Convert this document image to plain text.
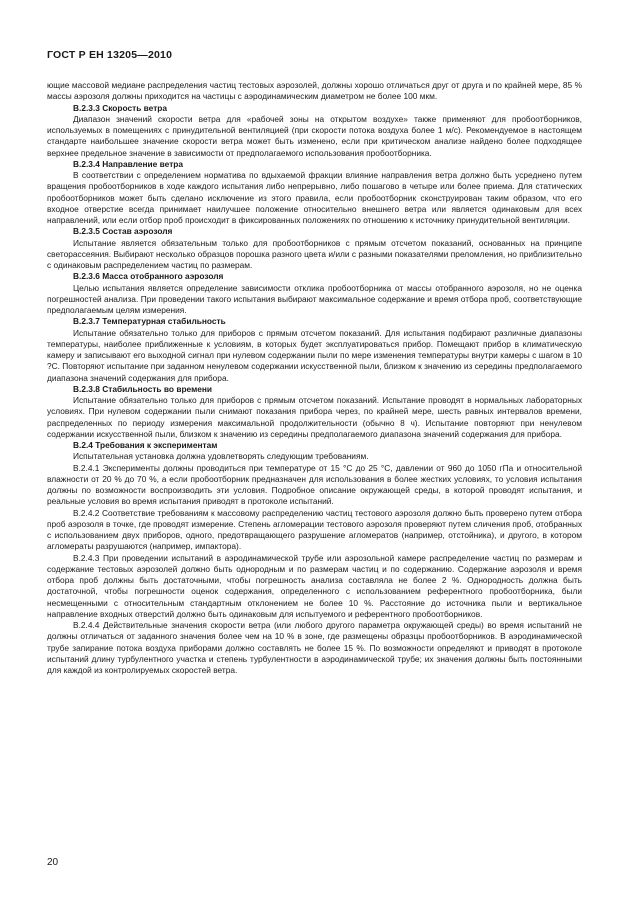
ГОСТ Р ЕН 13205—2010

ющие массовой медиане распределения частиц тестовых аэрозолей, должны хорошо отличаться друг от друга и по крайней мере, 85 % массы аэрозоля должны приходится на частицы с аэродинамическим диаметром не более 100 мкм.

B.2.3.3 Скорость ветра

Диапазон значений скорости ветра для «рабочей зоны на открытом воздухе» также применяют для пробоотборников, используемых в помещениях с принудительной вентиляцией (при скорости потока воздуха более 1 м/с). Рекомендуемое в настоящем стандарте наибольшее значение скорости ветра может быть изменено, если при критическом анализе найдено более подходящее верхнее предельное значение в зависимости от предполагаемого использования пробоотборника.

B.2.3.4 Направление ветра

В соответствии с определением норматива по вдыхаемой фракции влияние направления ветра должно быть усреднено путем вращения пробоотборников в ходе каждого испытания либо непрерывно, либо пошагово в четыре или более приема. Для статических пробоотборников может быть сделано исключение из этого правила, если пробоотборник сконструирован таким образом, что его входное отверстие всегда принимает наилучшее положение относительно внешнего ветра или является одинаковым для всех направлений, или если отбор проб происходит в фиксированных положениях по отношению к источнику принудительной вентиляции.

B.2.3.5 Состав аэрозоля

Испытание является обязательным только для пробоотборников с прямым отсчетом показаний, основанных на принципе светорассеяния. Выбирают несколько образцов порошка разного цвета и/или с разными показателями преломления, но приблизительно с одинаковым распределением частиц по размерам.

B.2.3.6 Масса отобранного аэрозоля

Целью испытания является определение зависимости отклика пробоотборника от массы отобранного аэрозоля, но не оценка погрешностей анализа. При проведении такого испытания выбирают максимальное содержание и время отбора проб, соответствующие предполагаемым целям измерения.

B.2.3.7 Температурная стабильность

Испытание обязательно только для приборов с прямым отсчетом показаний. Для испытания подбирают различные диапазоны температуры, наиболее приближенные к условиям, в которых будет эксплуатироваться прибор. Помещают прибор в климатическую камеру и записывают его выходной сигнал при нулевом содержании пыли по мере изменения температуры внутри камеры с шагом в 10 ?С. Повторяют испытание при заданном ненулевом содержании искусственной пыли, близком к значению из середины предполагаемого диапазона значений содержания для прибора.

B.2.3.8 Стабильность во времени

Испытание обязательно только для приборов с прямым отсчетом показаний. Испытание проводят в нормальных лабораторных условиях. При нулевом содержании пыли снимают показания прибора через, по крайней мере, шесть равных интервалов времени, распределенных по периоду измерения максимальной продолжительности (обычно 8 ч). Испытание повторяют при ненулевом содержании искусственной пыли, близком к значению из середины предполагаемого диапазона значений содержания для прибора.

B.2.4 Требования к экспериментам

Испытательная установка должна удовлетворять следующим требованиям.

B.2.4.1 Эксперименты должны проводиться при температуре от 15 °С до 25 °С, давлении от 960 до 1050 гПа и относительной влажности от 20 % до 70 %, а если пробоотборник предназначен для использования в более жестких условиях, то условия испытания должны по возможности воспроизводить эти условия. Подробное описание окружающей среды, в которой проводят испытания, и реальные условия во время испытания приводят в протоколе испытаний.

B.2.4.2 Соответствие требованиям к массовому распределению частиц тестового аэрозоля должно быть проверено путем отбора проб аэрозоля в точке, где проводят измерение. Степень агломерации тестового аэрозоля проверяют путем сличения проб, отобранных с использованием двух приборов, одного, предотвращающего разрушение агломератов (например, отстойника), и другого, в котором агломераты разрушаются (например, импактора).

B.2.4.3 При проведении испытаний в аэродинамической трубе или аэрозольной камере распределение частиц по размерам и содержание тестовых аэрозолей должно быть однородным и по размерам частиц и по содержанию. Содержание аэрозоля и время отбора проб должны быть достаточными, чтобы погрешность анализа составляла не более 2 %. Однородность должна быть достаточной, чтобы погрешности оценок содержания, определенного с использованием референтного пробоотборника, были несмещенными с относительным стандартным отклонением не более 10 %. Расстояние до источника пыли и вертикальное направление входных отверстий должно быть одинаковым для испытуемого и референтного пробоотборников.

B.2.4.4 Действительные значения скорости ветра (или любого другого параметра окружающей среды) во время испытаний не должны отличаться от заданного значения более чем на 10 % в зоне, где размещены образцы пробоотборников. В аэродинамической трубе запирание потока воздуха приборами должно составлять не более 15 %. По возможности определяют и приводят в протоколе испытаний длину турбулентного участка и степень турбулентности в аэродинамической трубе; их значения должны быть постоянными для каждой из контролируемых скоростей ветра.

20
